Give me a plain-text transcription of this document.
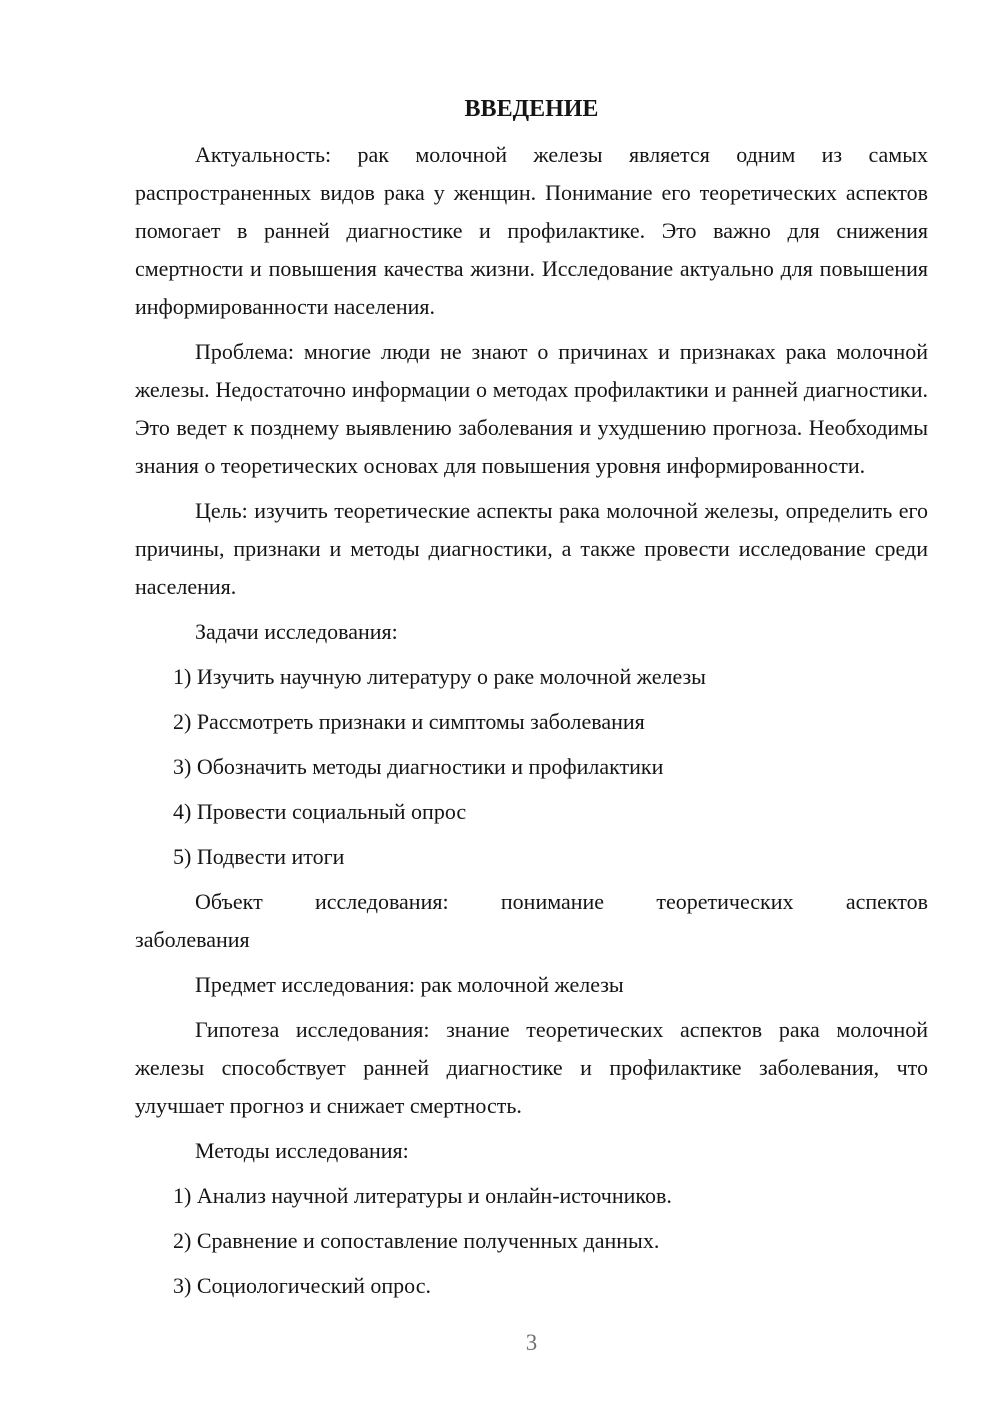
ВВЕДЕНИЕ

Актуальность: рак молочной железы является одним из самых распространенных видов рака у женщин. Понимание его теоретических аспектов помогает в ранней диагностике и профилактике. Это важно для снижения смертности и повышения качества жизни. Исследование актуально для повышения информированности населения.

Проблема: многие люди не знают о причинах и признаках рака молочной железы. Недостаточно информации о методах профилактики и ранней диагностики. Это ведет к позднему выявлению заболевания и ухудшению прогноза. Необходимы знания о теоретических основах для повышения уровня информированности.

Цель: изучить теоретические аспекты рака молочной железы, определить его причины, признаки и методы диагностики, а также провести исследование среди населения.

Задачи исследования:

1) Изучить научную литературу о раке молочной железы

2) Рассмотреть признаки и симптомы заболевания

3) Обозначить методы диагностики и профилактики

4) Провести социальный опрос

5) Подвести итоги

Объект исследования: понимание теоретических аспектов заболевания

Предмет исследования: рак молочной железы

Гипотеза исследования: знание теоретических аспектов рака молочной железы способствует ранней диагностике и профилактике заболевания, что улучшает прогноз и снижает смертность.

Методы исследования:

1) Анализ научной литературы и онлайн-источников.

2) Сравнение и сопоставление полученных данных.

3) Социологический опрос.

3
